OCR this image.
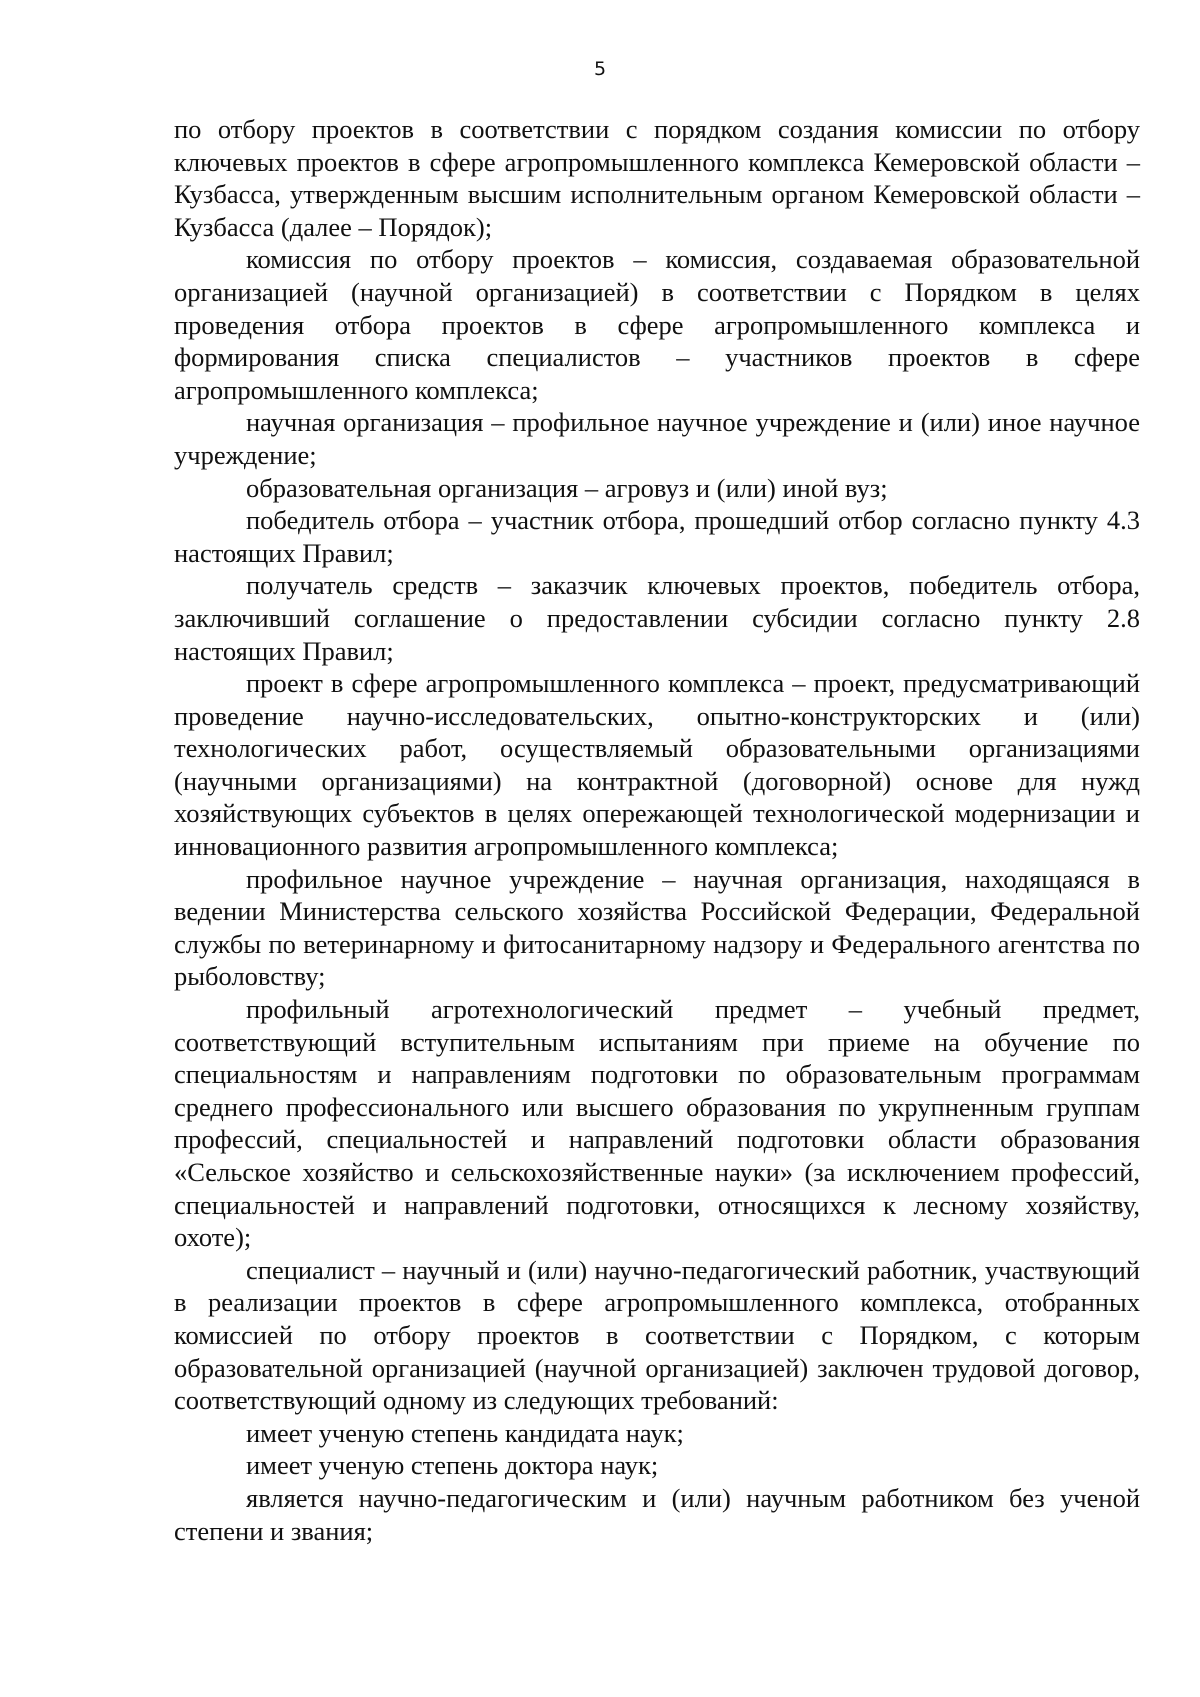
5

по отбору проектов в соответствии с порядком создания комиссии по отбору ключевых проектов в сфере агропромышленного комплекса Кемеровской области – Кузбасса, утвержденным высшим исполнительным органом Кемеровской области – Кузбасса (далее – Порядок);

комиссия по отбору проектов – комиссия, создаваемая образовательной организацией (научной организацией) в соответствии с Порядком в целях проведения отбора проектов в сфере агропромышленного комплекса и формирования списка специалистов – участников проектов в сфере агропромышленного комплекса;

научная организация – профильное научное учреждение и (или) иное научное учреждение;

образовательная организация – агровуз и (или) иной вуз;

победитель отбора – участник отбора, прошедший отбор согласно пункту 4.3 настоящих Правил;

получатель средств – заказчик ключевых проектов, победитель отбора, заключивший соглашение о предоставлении субсидии согласно пункту 2.8 настоящих Правил;

проект в сфере агропромышленного комплекса – проект, предусматривающий проведение научно-исследовательских, опытно-конструкторских и (или) технологических работ, осуществляемый образовательными организациями (научными организациями) на контрактной (договорной) основе для нужд хозяйствующих субъектов в целях опережающей технологической модернизации и инновационного развития агропромышленного комплекса;

профильное научное учреждение – научная организация, находящаяся в ведении Министерства сельского хозяйства Российской Федерации, Федеральной службы по ветеринарному и фитосанитарному надзору и Федерального агентства по рыболовству;

профильный агротехнологический предмет – учебный предмет, соответствующий вступительным испытаниям при приеме на обучение по специальностям и направлениям подготовки по образовательным программам среднего профессионального или высшего образования по укрупненным группам профессий, специальностей и направлений подготовки области образования «Сельское хозяйство и сельскохозяйственные науки» (за исключением профессий, специальностей и направлений подготовки, относящихся к лесному хозяйству, охоте);

специалист – научный и (или) научно-педагогический работник, участвующий в реализации проектов в сфере агропромышленного комплекса, отобранных комиссией по отбору проектов в соответствии с Порядком, с которым образовательной организацией (научной организацией) заключен трудовой договор, соответствующий одному из следующих требований:

имеет ученую степень кандидата наук;

имеет ученую степень доктора наук;

является научно-педагогическим и (или) научным работником без ученой степени и звания;
